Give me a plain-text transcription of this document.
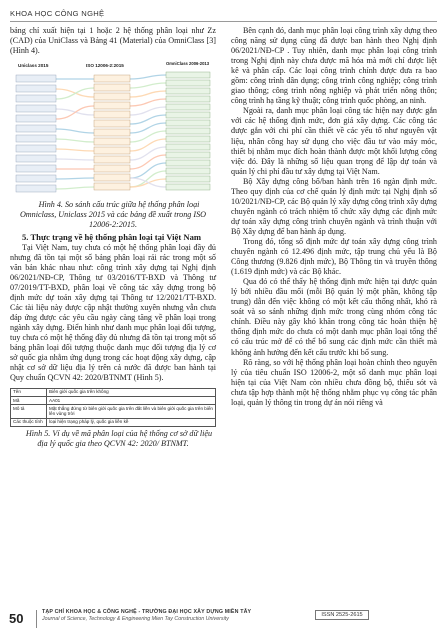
KHOA HỌC CÔNG NGHỆ

bảng chỉ xuất hiện tại 1 hoặc 2 hệ thống phân loại như Zz (CAD) của UniClass và Bảng 41 (Material) của OmniClass [3] (Hình 4).

Uniclass 2015	ISO 12006-2:2015	OmniClass 2006-2013

Hình 4. So sánh cấu trúc giữa hệ thống phân loại Omniclass, Uniclass 2015 và các bảng đề xuất trong ISO 12006-2:2015.

5. Thực trạng về hệ thống phân loại tại Việt Nam

Tại Việt Nam, tuy chưa có một hệ thống phân loại đầy đủ nhưng đã tồn tại một số bảng phân loại rải rác trong một số văn bản khác nhau như: công trình xây dựng tại Nghị định 06/2021/NĐ-CP, Thông tư 03/2016/TT-BXD và Thông tư 07/2019/TT-BXD, phân loại về công tác xây dựng trong bộ định mức dự toán xây dựng tại Thông tư 12/2021/TT-BXD. Các tài liệu này được cập nhật thường xuyên nhưng vẫn chưa đáp ứng được các yêu cầu ngày càng tăng về phân loại trong ngành xây dựng. Điển hình như danh mục phân loại đối tượng, tuy chưa có một hệ thống đầy đủ nhưng đã tồn tại trong một số bảng phân loại đối tượng thuộc danh mục đối tượng địa lý cơ sở quốc gia nhằm ứng dụng trong các hoạt động xây dựng, cập nhật cơ sở dữ liệu địa lý trên cả nước đã được ban hành tại Quy chuẩn QCVN 42: 2020/BTNMT (Hình 5).

Tên	Biên giới quốc gia trên không
Mã	AA01
Mô tả	Mặt thẳng đứng từ biên giới quốc gia trên đất liền và biên giới quốc gia trên biển lên vùng trời
Các thuộc tính	loại hiện trạng pháp lý, quốc gia liền kề

Hình 5. Ví dụ về mã phân loại của hệ thống cơ sở dữ liệu địa lý quốc gia theo QCVN 42: 2020/ BTNMT.

Bên cạnh đó, danh mục phân loại công trình xây dựng theo công năng sử dụng cũng đã được ban hành theo Nghị định 06/2021/NĐ-CP . Tuy nhiên, danh mục phân loại công trình trong Nghị định này chưa được mã hóa mà mới chỉ được liệt kê và phân cấp. Các loại công trình chính được đưa ra bao gồm: công trình dân dụng; công trình công nghiệp; công trình giao thông; công trình nông nghiệp và phát triển nông thôn; công trình hạ tầng kỹ thuật; công trình quốc phòng, an ninh.

Ngoài ra, danh mục phân loại công tác hiện nay được gắn với các hệ thống định mức, đơn giá xây dựng. Các công tác được gắn với chi phí cần thiết về các yếu tố như nguyên vật liệu, nhân công hay sử dụng cho việc đầu tư vào máy móc, thiết bị nhằm mục đích hoàn thành được một khối lượng công việc đó. Đây là những số liệu quan trọng để lập dự toán và quản lý chi phí đầu tư xây dựng tại Việt Nam.

Bộ Xây dựng công bố/ban hành trên 16 ngàn định mức. Theo quy định của cơ chế quản lý định mức tại Nghị định số 10/2021/NĐ-CP, các Bộ quản lý xây dựng công trình xây dựng chuyên ngành có trách nhiệm tổ chức xây dựng các định mức dự toán xây dựng công trình chuyên ngành và trình thuận với Bộ Xây dựng để ban hành áp dụng.

Trong đó, tổng số định mức dự toán xây dựng công trình chuyên ngành có 12.496 định mức, tập trung chủ yếu là Bộ Công thương (9.826 định mức), Bộ Thông tin và truyền thông (1.619 định mức) và các Bộ khác.

Qua đó có thể thấy hệ thống định mức hiện tại được quản lý bởi nhiều đầu mối (mỗi Bộ quản lý một phần, không tập trung) dẫn đến việc không có một kết cấu thống nhất, khó rà soát và so sánh những định mức trong cùng nhóm công tác chính. Điều này gây khó khăn trong công tác hoàn thiện hệ thống định mức do chưa có một danh mục phân loại tổng thể có cấu trúc mở để có thể bổ sung các định mức cần thiết mà không ảnh hưởng đến kết cấu trước khi bổ sung.

Rõ ràng, so với hệ thống phân loại hoàn chỉnh theo nguyên lý của tiêu chuẩn ISO 12006-2, một số danh mục phân loại hiện tại của Việt Nam còn nhiều chưa đồng bộ, thiếu sót và chưa tập hợp thành một hệ thống nhằm phục vụ công tác phân loại, quản lý thông tin trong dự án nói riêng và

50	TẠP CHÍ KHOA HỌC & CÔNG NGHỆ - TRƯỜNG ĐẠI HỌC XÂY DỰNG MIỀN TÂY
Journal of Science, Technology & Engineering Mien Tay Construction University
ISSN 2525-2615
